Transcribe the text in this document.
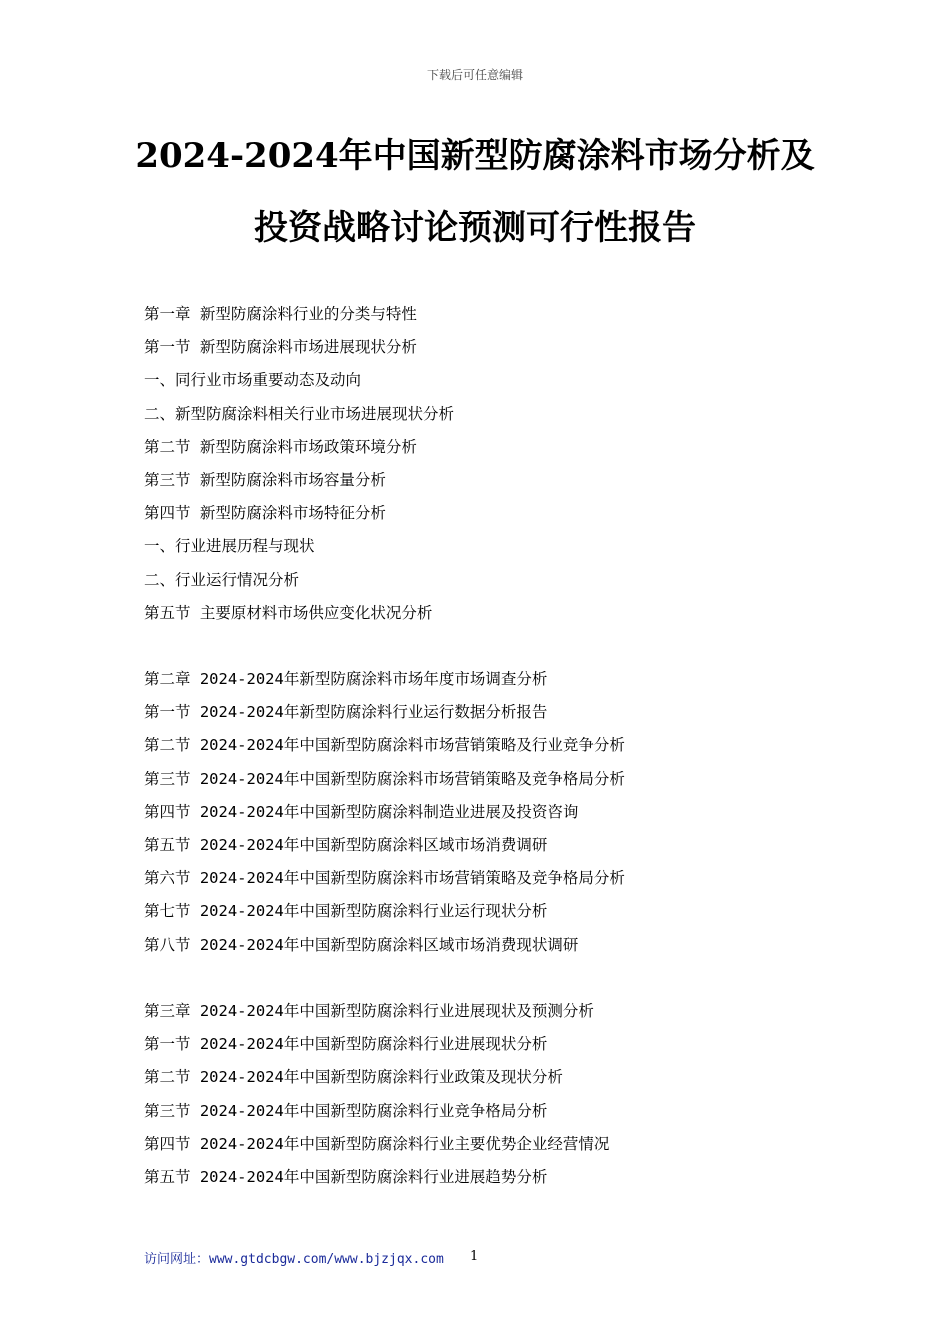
下载后可任意编辑
2024-2024年中国新型防腐涂料市场分析及
投资战略讨论预测可行性报告
第一章 新型防腐涂料行业的分类与特性
第一节 新型防腐涂料市场进展现状分析
一、同行业市场重要动态及动向
二、新型防腐涂料相关行业市场进展现状分析
第二节 新型防腐涂料市场政策环境分析
第三节 新型防腐涂料市场容量分析
第四节 新型防腐涂料市场特征分析
一、行业进展历程与现状
二、行业运行情况分析
第五节 主要原材料市场供应变化状况分析
第二章 2024-2024年新型防腐涂料市场年度市场调查分析
第一节 2024-2024年新型防腐涂料行业运行数据分析报告
第二节 2024-2024年中国新型防腐涂料市场营销策略及行业竞争分析
第三节 2024-2024年中国新型防腐涂料市场营销策略及竞争格局分析
第四节 2024-2024年中国新型防腐涂料制造业进展及投资咨询
第五节 2024-2024年中国新型防腐涂料区域市场消费调研
第六节 2024-2024年中国新型防腐涂料市场营销策略及竞争格局分析
第七节 2024-2024年中国新型防腐涂料行业运行现状分析
第八节 2024-2024年中国新型防腐涂料区域市场消费现状调研
第三章 2024-2024年中国新型防腐涂料行业进展现状及预测分析
第一节 2024-2024年中国新型防腐涂料行业进展现状分析
第二节 2024-2024年中国新型防腐涂料行业政策及现状分析
第三节 2024-2024年中国新型防腐涂料行业竞争格局分析
第四节 2024-2024年中国新型防腐涂料行业主要优势企业经营情况
第五节 2024-2024年中国新型防腐涂料行业进展趋势分析
访问网址：www.gtdcbgw.com/www.bjzjqx.com 1
